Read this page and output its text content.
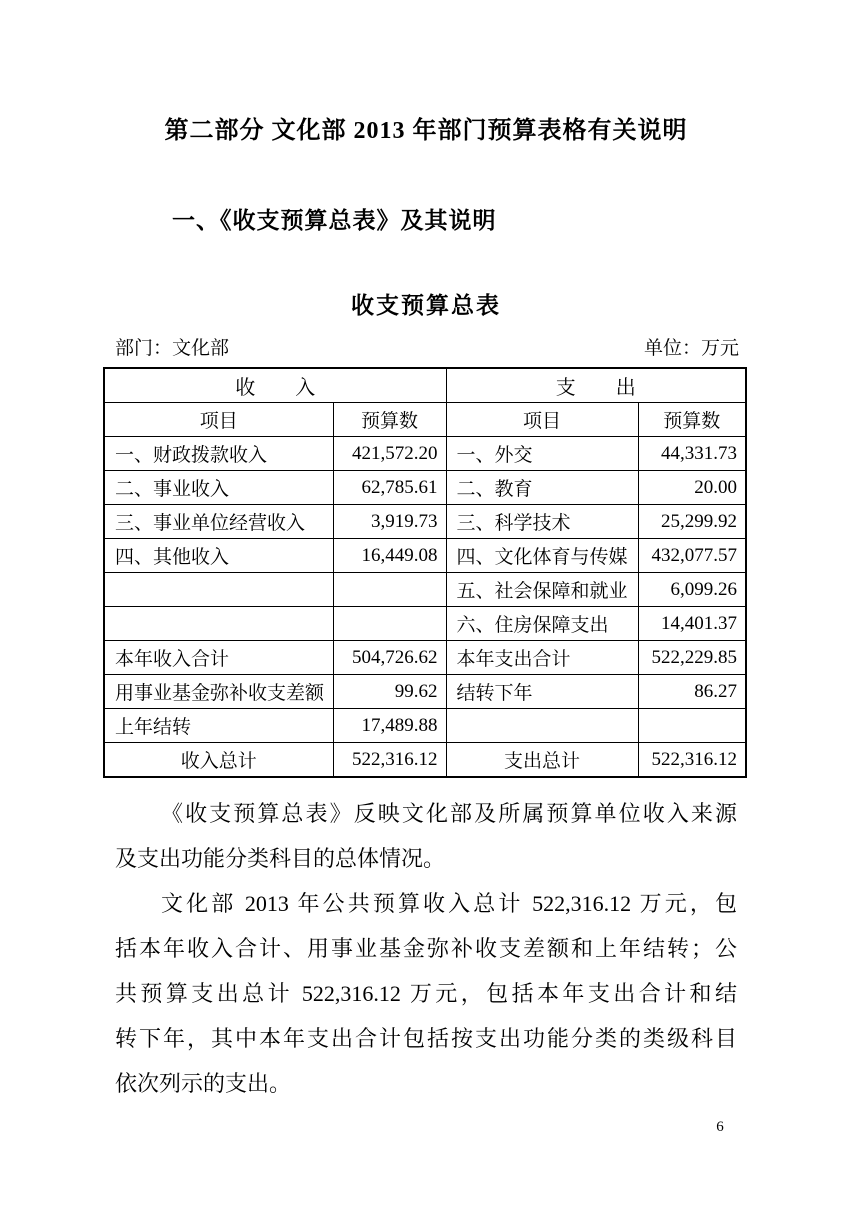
第二部分 文化部 2013 年部门预算表格有关说明
一、《收支预算总表》及其说明
收支预算总表
部门：文化部	单位：万元
收　　入		支　　出	
项目	预算数	项目	预算数
一、财政拨款收入	421,572.20	一、外交	44,331.73
二、事业收入	62,785.61	二、教育	20.00
三、事业单位经营收入	3,919.73	三、科学技术	25,299.92
四、其他收入	16,449.08	四、文化体育与传媒	432,077.57
		五、社会保障和就业	6,099.26
		六、住房保障支出	14,401.37
本年收入合计	504,726.62	本年支出合计	522,229.85
用事业基金弥补收支差额	99.62	结转下年	86.27
上年结转	17,489.88		
收入总计	522,316.12	支出总计	522,316.12
《收支预算总表》反映文化部及所属预算单位收入来源
及支出功能分类科目的总体情况。
文化部 2013 年公共预算收入总计 522,316.12 万元，包
括本年收入合计、用事业基金弥补收支差额和上年结转；公
共预算支出总计 522,316.12 万元，包括本年支出合计和结
转下年，其中本年支出合计包括按支出功能分类的类级科目
依次列示的支出。
6
